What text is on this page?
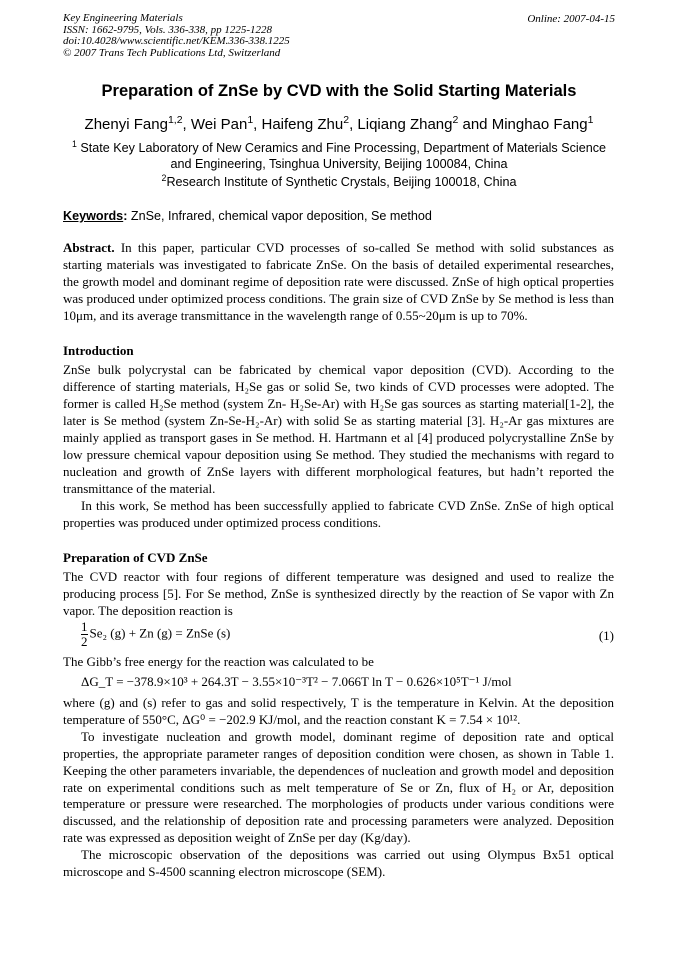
Key Engineering Materials
ISSN: 1662-9795, Vols. 336-338, pp 1225-1228
doi:10.4028/www.scientific.net/KEM.336-338.1225
© 2007 Trans Tech Publications Ltd, Switzerland
Online: 2007-04-15
Preparation of ZnSe by CVD with the Solid Starting Materials
Zhenyi Fang$^{1,2}$, Wei Pan$^1$, Haifeng Zhu$^2$, Liqiang Zhang$^2$ and Minghao Fang$^1$
$^1$ State Key Laboratory of New Ceramics and Fine Processing, Department of Materials Science and Engineering, Tsinghua University, Beijing 100084, China
$^2$Research Institute of Synthetic Crystals, Beijing 100018, China
Keywords: ZnSe, Infrared, chemical vapor deposition, Se method

Abstract. In this paper, particular CVD processes of so-called Se method with solid substances as starting materials was investigated to fabricate ZnSe. On the basis of detailed experimental researches, the growth model and dominant regime of deposition rate were discussed. ZnSe of high optical properties was produced under optimized process conditions. The grain size of CVD ZnSe by Se method is less than 10μm, and its average transmittance in the wavelength range of 0.55~20μm is up to 70%.

Introduction

ZnSe bulk polycrystal can be fabricated by chemical vapor deposition (CVD). According to the difference of starting materials, H₂Se gas or solid Se, two kinds of CVD processes were adopted. The former is called H₂Se method (system Zn- H₂Se-Ar) with H₂Se gas sources as starting material[1-2], the later is Se method (system Zn-Se-H₂-Ar) with solid Se as starting material [3]. H₂-Ar gas mixtures are mainly applied as transport gases in Se method. H. Hartmann et al [4] produced polycrystalline ZnSe by low pressure chemical vapour deposition using Se method. They studied the mechanisms with regard to nucleation and growth of ZnSe layers with different morphological features, but hadn’t reported the transmittance of the material.

In this work, Se method has been successfully applied to fabricate CVD ZnSe. ZnSe of high optical properties was produced under optimized process conditions.

Preparation of CVD ZnSe

The CVD reactor with four regions of different temperature was designed and used to realize the producing process [5]. For Se method, ZnSe is synthesized directly by the reaction of Se vapor with Zn vapor. The deposition reaction is

$\frac{1}{2} Se_2$ (g) + Zn (g) = ZnSe (s)	(1)

The Gibb’s free energy for the reaction was calculated to be

ΔG_T = −378.9×10³ + 264.3T − 3.55×10⁻³T² − 7.066T ln T − 0.626×10⁵T⁻¹ J/mol

where (g) and (s) refer to gas and solid respectively, T is the temperature in Kelvin. At the deposition temperature of 550°C, ΔG⁰ = −202.9 KJ/mol, and the reaction constant K = 7.54 × 10¹².

To investigate nucleation and growth model, dominant regime of deposition rate and optical properties, the appropriate parameter ranges of deposition condition were chosen, as shown in Table 1. Keeping the other parameters invariable, the dependences of nucleation and growth model and deposition rate on experimental conditions such as melt temperature of Se or Zn, flux of H₂ or Ar, deposition temperature or pressure were researched. The morphologies of products under various conditions were discussed, and the relationship of deposition rate and processing parameters were analyzed. Deposition rate was expressed as deposition weight of ZnSe per day (Kg/day).

The microscopic observation of the depositions was carried out using Olympus Bx51 optical microscope and S-4500 scanning electron microscope (SEM).
